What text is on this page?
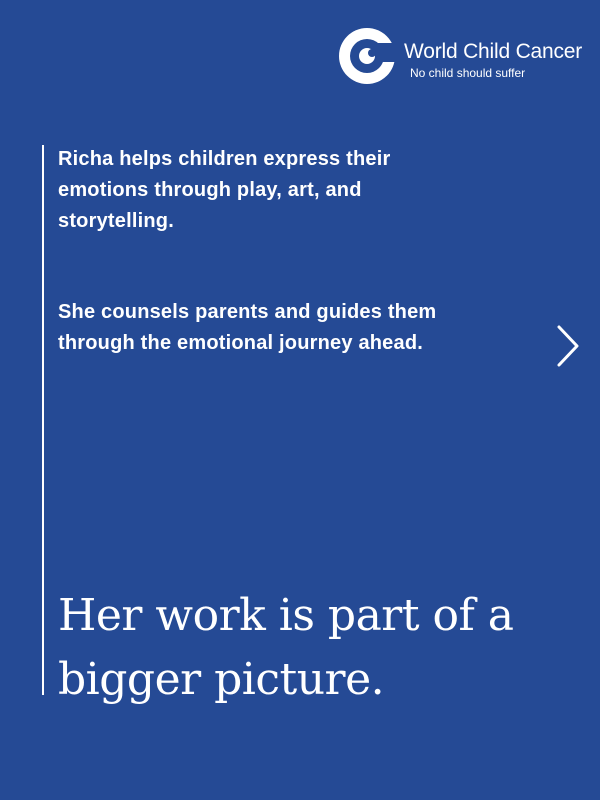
World Child Cancer
No child should suffer

Richa helps children express their emotions through play, art, and storytelling.

She counsels parents and guides them through the emotional journey ahead.

Her work is part of a bigger picture.
